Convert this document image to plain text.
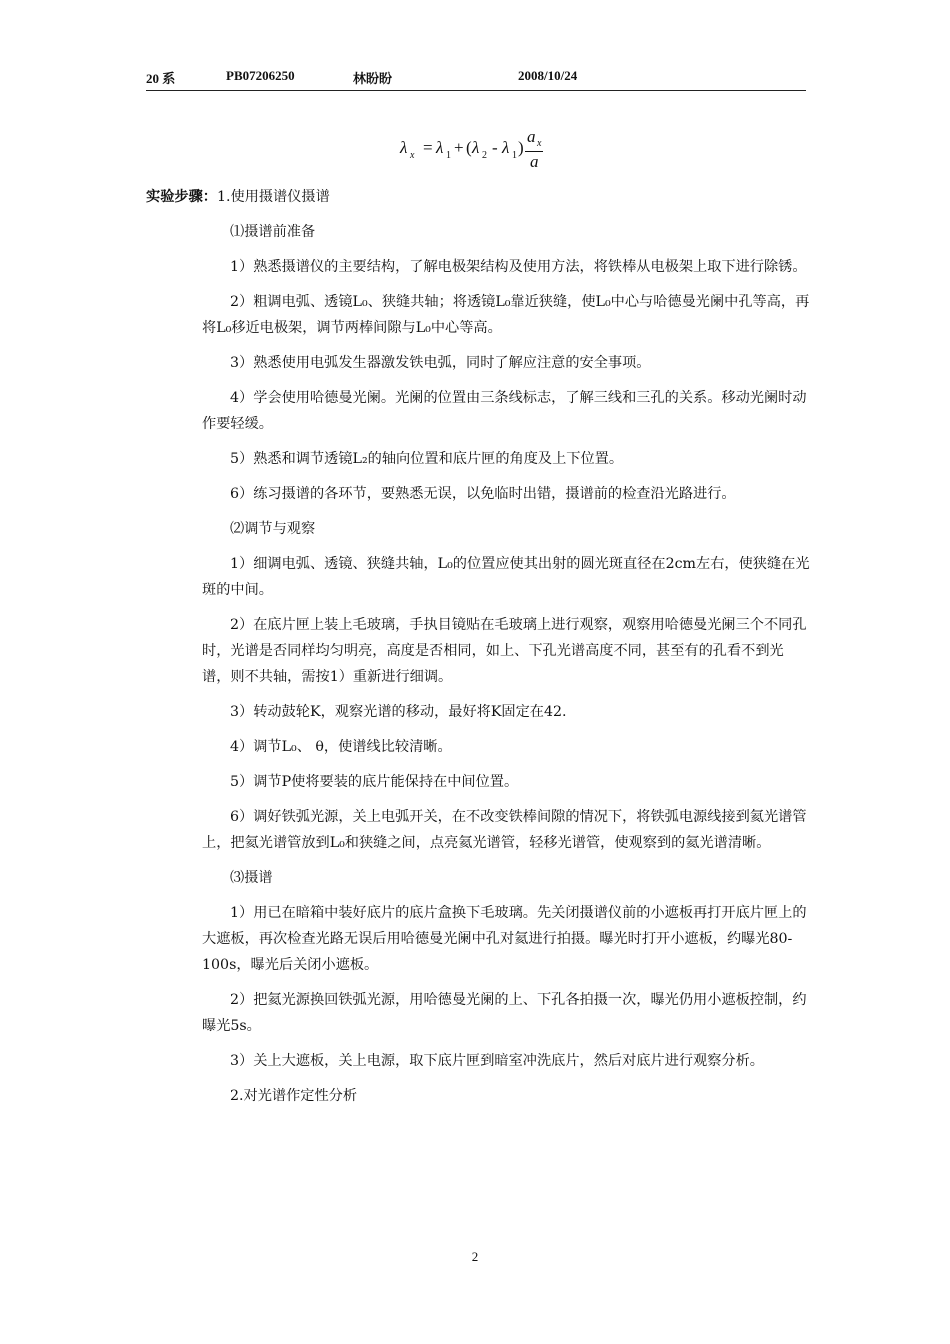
20 系	PB07206250	林盼盼	2008/10/24
λ x = λ 1 + ( λ 2 - λ 1 )
a x
a

实验步骤：1.使用摄谱仪摄谱

⑴摄谱前准备

1）熟悉摄谱仪的主要结构，了解电极架结构及使用方法，将铁棒从电极架上取下进行除锈。

2）粗调电弧、透镜L₀、狭缝共轴；将透镜L₀靠近狭缝，使L₀中心与哈德曼光阑中孔等高，再将L₀移近电极架，调节两棒间隙与L₀中心等高。

3）熟悉使用电弧发生器激发铁电弧，同时了解应注意的安全事项。

4）学会使用哈德曼光阑。光阑的位置由三条线标志，了解三线和三孔的关系。移动光阑时动作要轻缓。

5）熟悉和调节透镜L₂的轴向位置和底片匣的角度及上下位置。

6）练习摄谱的各环节，要熟悉无误，以免临时出错，摄谱前的检查沿光路进行。

⑵调节与观察

1）细调电弧、透镜、狭缝共轴，L₀的位置应使其出射的圆光斑直径在2cm左右，使狭缝在光斑的中间。

2）在底片匣上装上毛玻璃，手执目镜贴在毛玻璃上进行观察，观察用哈德曼光阑三个不同孔时，光谱是否同样均匀明亮，高度是否相同，如上、下孔光谱高度不同，甚至有的孔看不到光谱，则不共轴，需按1）重新进行细调。

3）转动鼓轮K，观察光谱的移动，最好将K固定在42.

4）调节L₀、 θ，使谱线比较清晰。

5）调节P使将要装的底片能保持在中间位置。

6）调好铁弧光源，关上电弧开关，在不改变铁棒间隙的情况下，将铁弧电源线接到氦光谱管上，把氦光谱管放到L₀和狭缝之间，点亮氦光谱管，轻移光谱管，使观察到的氦光谱清晰。

⑶摄谱

1）用已在暗箱中装好底片的底片盒换下毛玻璃。先关闭摄谱仪前的小遮板再打开底片匣上的大遮板，再次检查光路无误后用哈德曼光阑中孔对氦进行拍摄。曝光时打开小遮板，约曝光80-100s，曝光后关闭小遮板。

2）把氦光源换回铁弧光源，用哈德曼光阑的上、下孔各拍摄一次，曝光仍用小遮板控制，约曝光5s。

3）关上大遮板，关上电源，取下底片匣到暗室冲洗底片，然后对底片进行观察分析。

2.对光谱作定性分析

2
